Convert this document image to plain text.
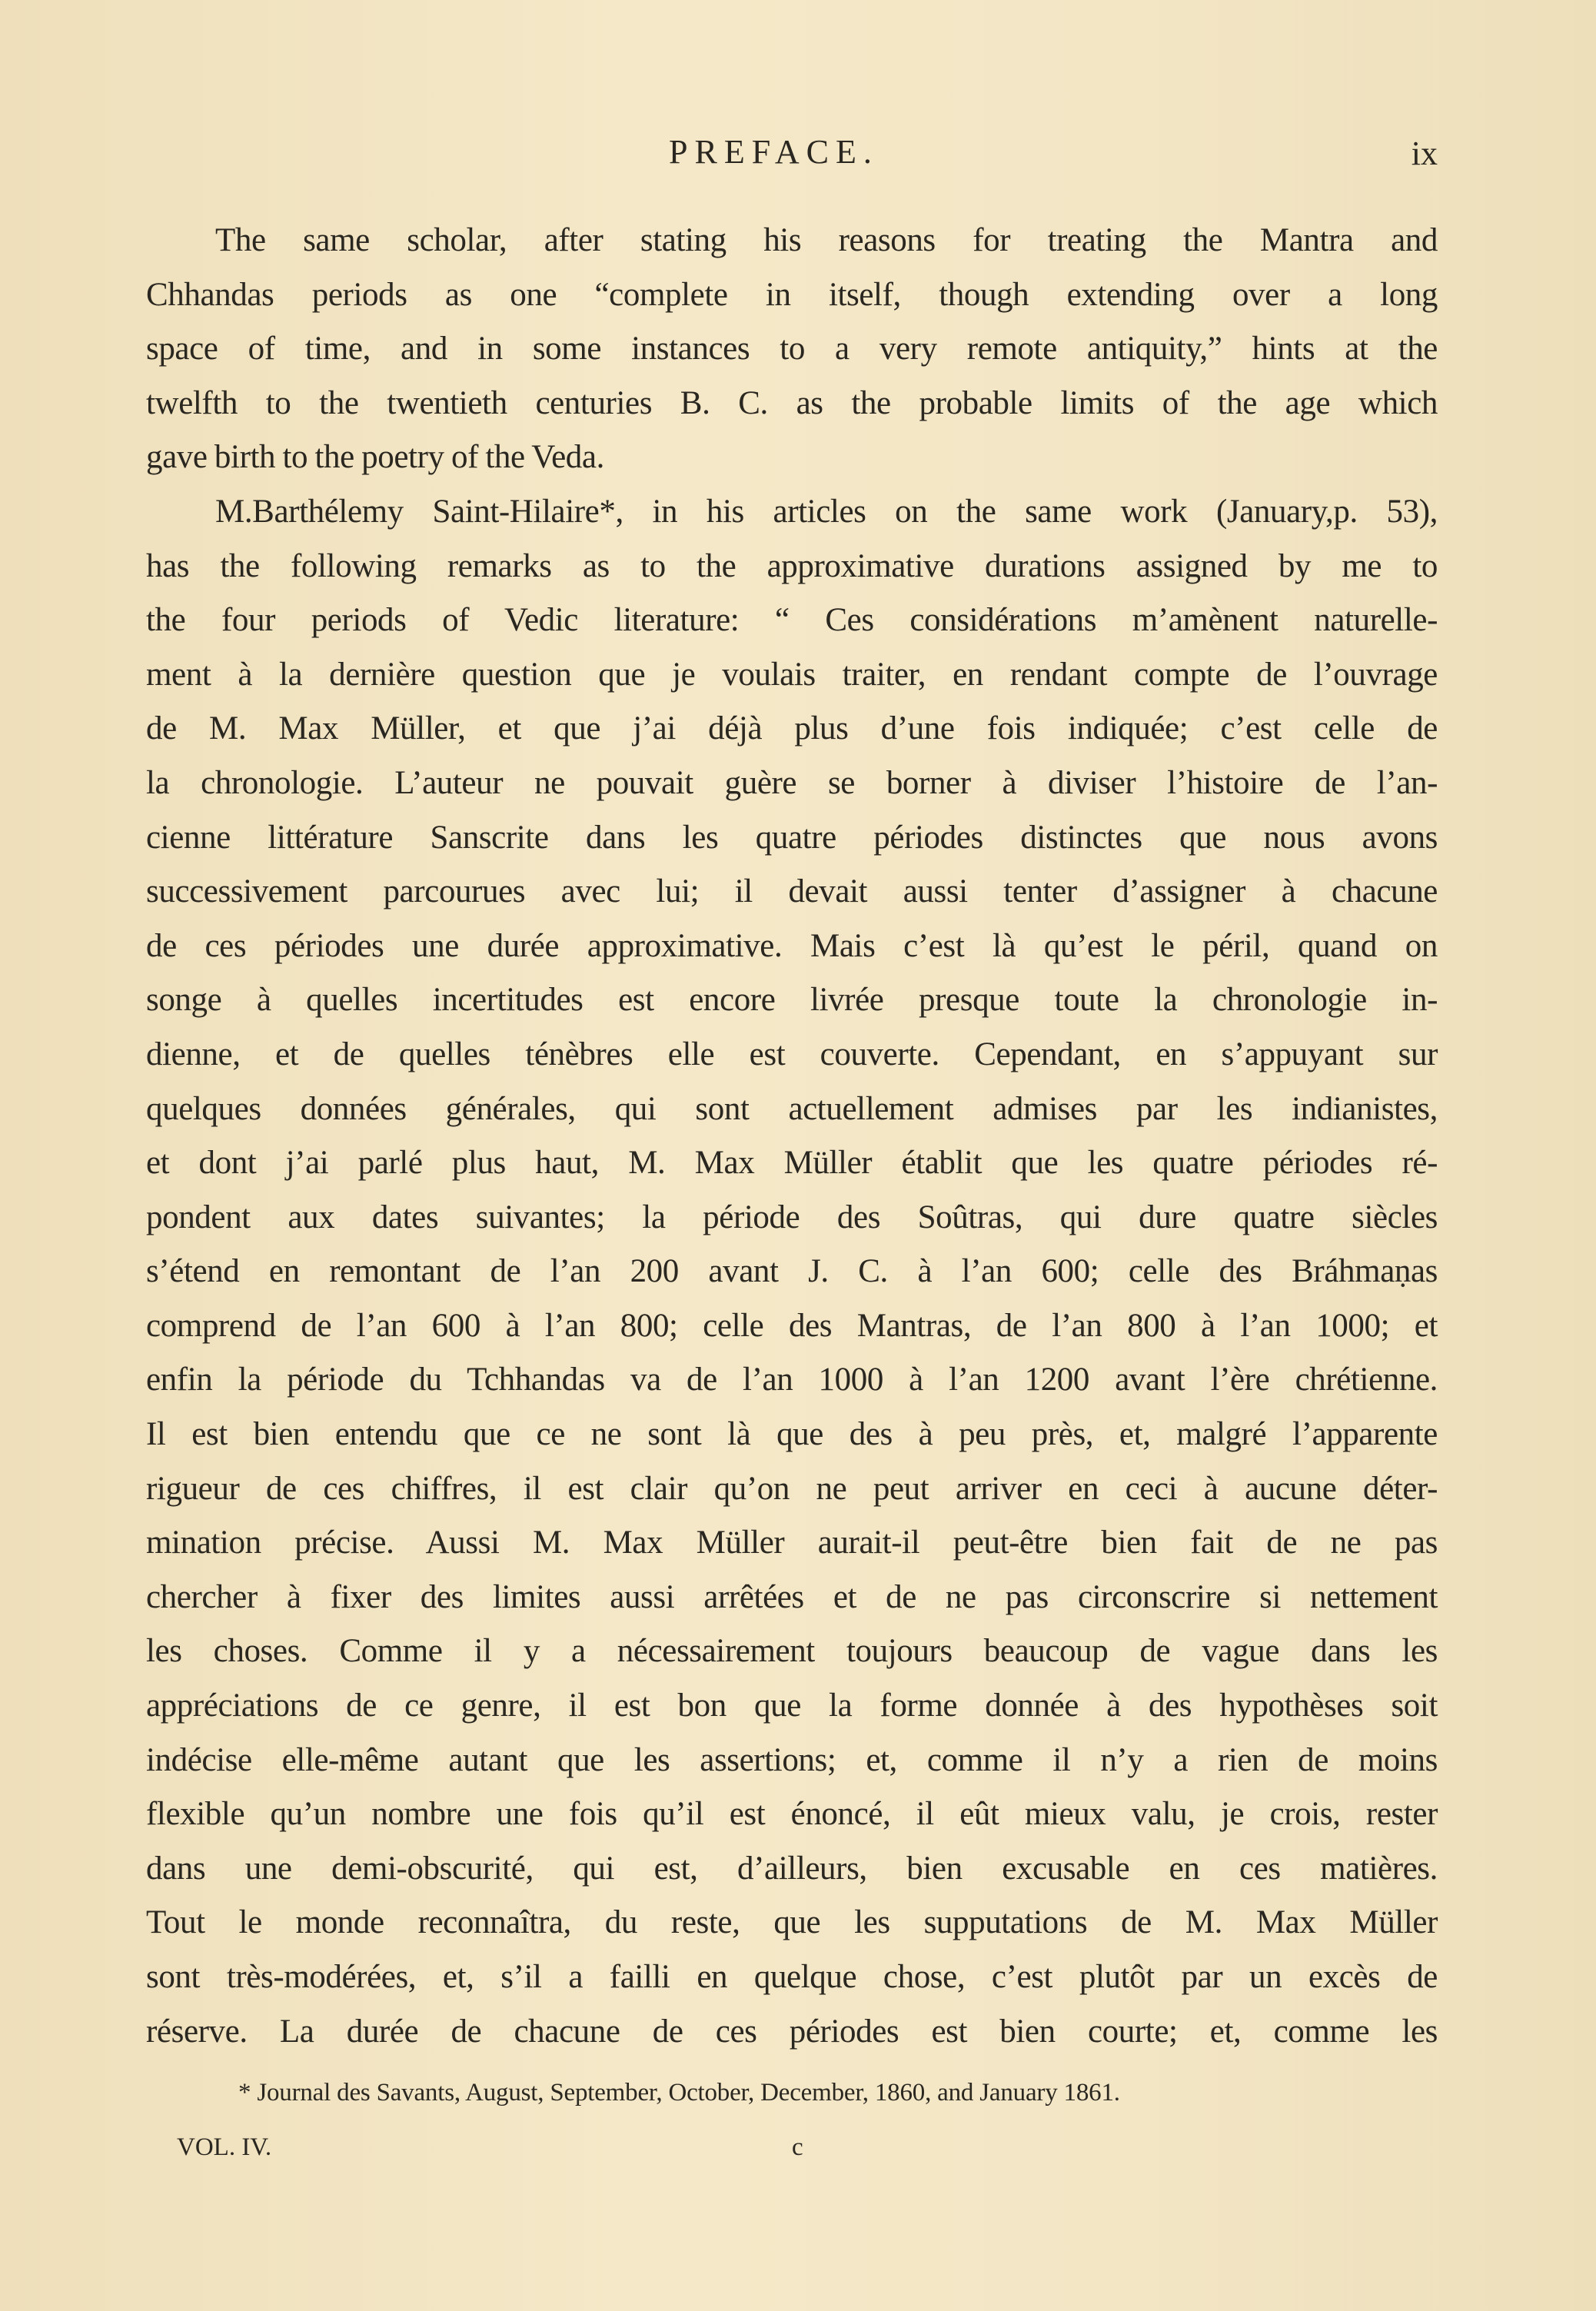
PREFACE.	ix

The same scholar, after stating his reasons for treating the Mantra and
Chhandas periods as one “complete in itself, though extending over a long
space of time, and in some instances to a very remote antiquity,” hints at the
twelfth to the twentieth centuries B. C. as the probable limits of the age which
gave birth to the poetry of the Veda.

M.Barthélemy Saint-Hilaire*, in his articles on the same work (January,p. 53),
has the following remarks as to the approximative durations assigned by me to
the four periods of Vedic literature: “ Ces considérations m’amènent naturelle-
ment à la dernière question que je voulais traiter, en rendant compte de l’ouvrage
de M. Max Müller, et que j’ai déjà plus d’une fois indiquée; c’est celle de
la chronologie. L’auteur ne pouvait guère se borner à diviser l’histoire de l’an-
cienne littérature Sanscrite dans les quatre périodes distinctes que nous avons
successivement parcourues avec lui; il devait aussi tenter d’assigner à chacune
de ces périodes une durée approximative. Mais c’est là qu’est le péril, quand on
songe à quelles incertitudes est encore livrée presque toute la chronologie in-
dienne, et de quelles ténèbres elle est couverte. Cependant, en s’appuyant sur
quelques données générales, qui sont actuellement admises par les indianistes,
et dont j’ai parlé plus haut, M. Max Müller établit que les quatre périodes ré-
pondent aux dates suivantes; la période des Soûtras, qui dure quatre siècles
s’étend en remontant de l’an 200 avant J. C. à l’an 600; celle des Bráhmaṇas
comprend de l’an 600 à l’an 800; celle des Mantras, de l’an 800 à l’an 1000; et
enfin la période du Tchhandas va de l’an 1000 à l’an 1200 avant l’ère chrétienne.
Il est bien entendu que ce ne sont là que des à peu près, et, malgré l’apparente
rigueur de ces chiffres, il est clair qu’on ne peut arriver en ceci à aucune déter-
mination précise. Aussi M. Max Müller aurait-il peut-être bien fait de ne pas
chercher à fixer des limites aussi arrêtées et de ne pas circonscrire si nettement
les choses. Comme il y a nécessairement toujours beaucoup de vague dans les
appréciations de ce genre, il est bon que la forme donnée à des hypothèses soit
indécise elle-même autant que les assertions; et, comme il n’y a rien de moins
flexible qu’un nombre une fois qu’il est énoncé, il eût mieux valu, je crois, rester
dans une demi-obscurité, qui est, d’ailleurs, bien excusable en ces matières.
Tout le monde reconnaîtra, du reste, que les supputations de M. Max Müller
sont très-modérées, et, s’il a failli en quelque chose, c’est plutôt par un excès de
réserve. La durée de chacune de ces périodes est bien courte; et, comme les

* Journal des Savants, August, September, October, December, 1860, and January 1861.
VOL. IV.	c
